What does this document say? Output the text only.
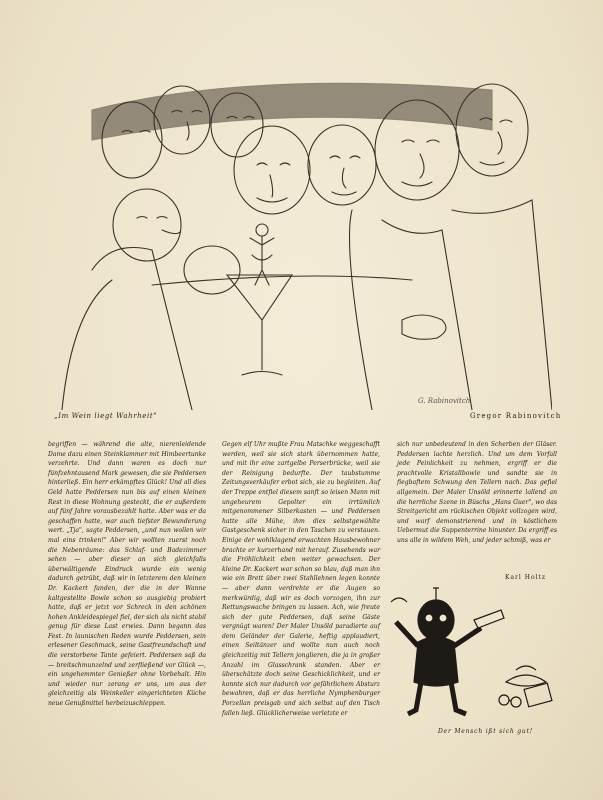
„Im Wein liegt Wahrheit"
G. Rabinovitch
Gregor Rabinovitch

begriffen — während die alte, nierenleidende Dame dazu einen Steinklammer mit Himbeertunke verzehrte. Und dann waren es doch nur fünfzehntausend Mark gewesen, die sie Peddersen hinterließ. Ein herr erkämpftes Glück! Und all dies Geld hatte Peddersen nun bis auf einen kleinen Rest in diese Wohnung gesteckt, die er außerdem auf fünf Jahre vorausbezahlt hatte. Aber was er da geschaffen hatte, war auch tiefster Bewunderung wert. „Tja", sagte Peddersen, „und nun wollen wir mal eins trinken!" Aber wir wollten zuerst noch die Nebenräume: das Schlaf- und Badezimmer sehen — aber dieser an sich gleichfalls überwältigende Eindruck wurde ein wenig dadurch getrübt, daß wir in letzterem den kleinen Dr. Kackert fanden, der die in der Wanne kaltgestellte Bowle schon so ausgiebig probiert hatte, daß er jetzt vor Schreck in den schönen hohen Ankleidespiegel fiel, der sich als nicht stabil genug für diese Last erwies. Dann begann das Fest. In launischen Reden wurde Peddersen, sein erlesener Geschmack, seine Gastfreundschaft und die verstorbene Tante gefeiert. Peddersen saß da — breitschmunzelnd und zerfließend vor Glück —, ein ungehemmter Genießer ohne Vorbehalt. Hin und wieder nur zerang er uns, um aus der gleichzeitig als Weinkeller eingerichteten Küche neue Genußmittel herbeizuschleppen.

Gegen elf Uhr mußte Frau Matschke weggeschafft werden, weil sie sich stark übernommen hatte, und mit ihr eine zartgelbe Perserbrücke, weil sie der Reinigung bedurfte. Der taubstumme Zeitungsverkäufer erbot sich, sie zu begleiten. Auf der Treppe entfiel diesem sanft so leisen Mann mit ungeheurem Gepolter ein irrtümlich mitgenommener Silberkasten — und Peddersen hatte alle Mühe, ihm dies selbstgewählte Gastgeschenk sicher in den Taschen zu verstauen. Einige der wohlklagend erwachten Hausbewohner brachte er kurzerhand mit herauf. Zusehends war die Fröhlichkeit eben weiter gewachsen. Der kleine Dr. Kackert war schon so blau, daß man ihn wie ein Brett über zwei Stahllehnen legen konnte — aber dann verdrehte er die Augen so merkwürdig, daß wir es doch vorzogen, ihn zur Rettungswache bringen zu lassen. Ach, wie freute sich der gute Peddersen, daß seine Gäste vergnügt waren! Der Maler Unsöld paradierte auf dem Geländer der Galerie, heftig applaudiert, einen Seiltänzer und wollte nun auch noch gleichzeitig mit Tellern jonglieren, die ja in großer Anzahl im Glasschrank standen. Aber er überschätzte doch seine Geschicklichkeit, und er konnte sich nur dadurch vor gefährlichem Absturz bewahren, daß er das herrliche Nymphenburger Porzellan preisgab und sich selbst auf den Tisch fallen ließ. Glücklicherweise verletzte er

sich nur unbedeutend in den Scherben der Gläser. Peddersen lachte herzlich. Und um dem Vorfall jede Peinlichkeit zu nehmen, ergriff er die prachtvolle Kristallbowle und sandte sie in fiegbaftem Schwung den Tellern nach. Das gefiel allgemein. Der Maler Unsöld erinnerte lallend an die herrliche Szene in Büschs „Hans Guer", wo das Streitgericht am rückischen Objekt vollzogen wird, und warf demonstrierend und in köstlichem Uebermut die Suppenterrine hinunter. Da ergriff es uns alle in wildem Weh, und jeder schmiß, was er

Karl Holtz
Der Mensch ißt sich gut!
